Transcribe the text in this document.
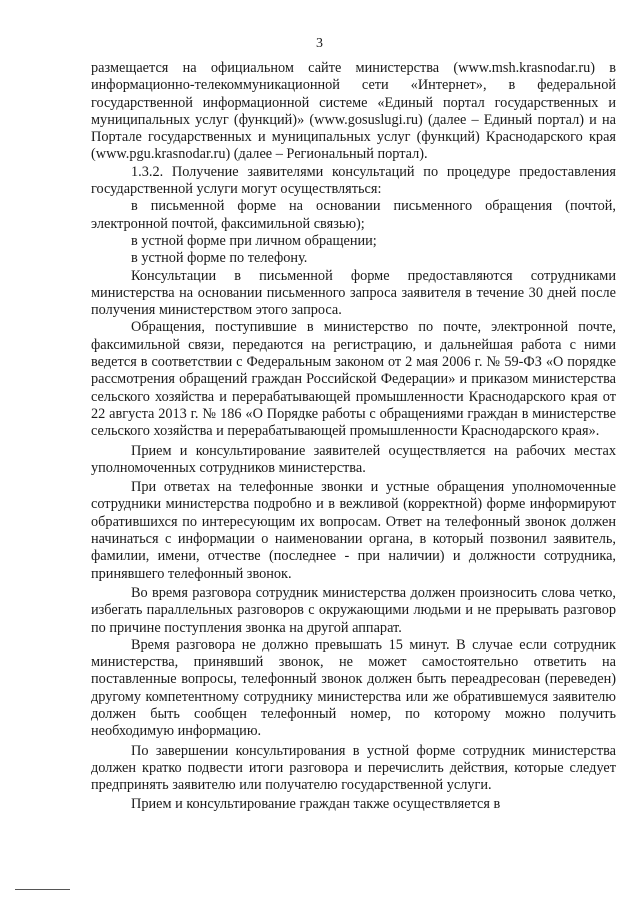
3

размещается на официальном сайте министерства (www.msh.krasnodar.ru) в информационно-телекоммуникационной сети «Интернет», в федеральной государственной информационной системе «Единый портал государственных и муниципальных услуг (функций)» (www.gosuslugi.ru) (далее – Единый портал) и на Портале государственных и муниципальных услуг (функций) Краснодарского края (www.pgu.krasnodar.ru) (далее – Региональный портал).

1.3.2. Получение заявителями консультаций по процедуре предоставления государственной услуги могут осуществляться:

в письменной форме на основании письменного обращения (почтой, электронной почтой, факсимильной связью);

в устной форме при личном обращении;

в устной форме по телефону.

Консультации в письменной форме предоставляются сотрудниками министерства на основании письменного запроса заявителя в течение 30 дней после получения министерством этого запроса.

Обращения, поступившие в министерство по почте, электронной почте, факсимильной связи, передаются на регистрацию, и дальнейшая работа с ними ведется в соответствии с Федеральным законом от 2 мая 2006 г. № 59-ФЗ «О порядке рассмотрения обращений граждан Российской Федерации» и приказом министерства сельского хозяйства и перерабатывающей промышленности Краснодарского края от 22 августа 2013 г. № 186 «О Порядке работы с обращениями граждан в министерстве сельского хозяйства и перерабатывающей промышленности Краснодарского края».

Прием и консультирование заявителей осуществляется на рабочих местах уполномоченных сотрудников министерства.

При ответах на телефонные звонки и устные обращения уполномоченные сотрудники министерства подробно и в вежливой (корректной) форме информируют обратившихся по интересующим их вопросам. Ответ на телефонный звонок должен начинаться с информации о наименовании органа, в который позвонил заявитель, фамилии, имени, отчестве (последнее - при наличии) и должности сотрудника, принявшего телефонный звонок.

Во время разговора сотрудник министерства должен произносить слова четко, избегать параллельных разговоров с окружающими людьми и не прерывать разговор по причине поступления звонка на другой аппарат.

Время разговора не должно превышать 15 минут. В случае если сотрудник министерства, принявший звонок, не может самостоятельно ответить на поставленные вопросы, телефонный звонок должен быть переадресован (переведен) другому компетентному сотруднику министерства или же обратившемуся заявителю должен быть сообщен телефонный номер, по которому можно получить необходимую информацию.

По завершении консультирования в устной форме сотрудник министерства должен кратко подвести итоги разговора и перечислить действия, которые следует предпринять заявителю или получателю государственной услуги.

Прием и консультирование граждан также осуществляется в
